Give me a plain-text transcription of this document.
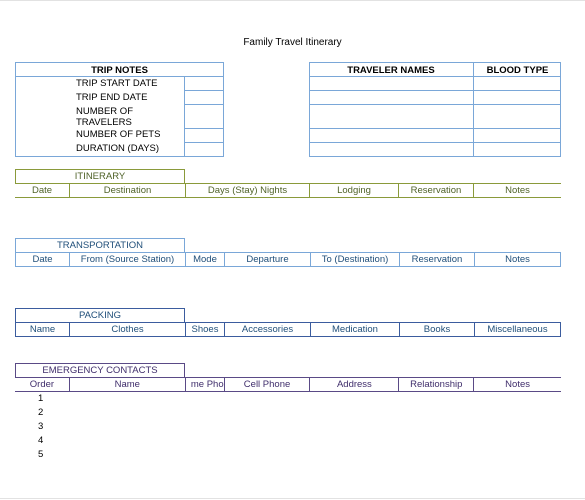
Family Travel Itinerary
TRIP NOTES
TRIP START DATE
TRIP END DATE
NUMBER OF
TRAVELERS
NUMBER OF PETS
DURATION (DAYS)
TRAVELER NAMES	BLOOD TYPE
ITINERARY
Date	Destination	Days (Stay) Nights	Lodging	Reservation	Notes
TRANSPORTATION
Date	From (Source Station)	Mode	Departure	To (Destination)	Reservation	Notes
PACKING
Name	Clothes	Shoes	Accessories	Medication	Books	Miscellaneous
EMERGENCY CONTACTS
Order	Name	me Pho	Cell Phone	Address	Relationship	Notes
1
2
3
4
5
